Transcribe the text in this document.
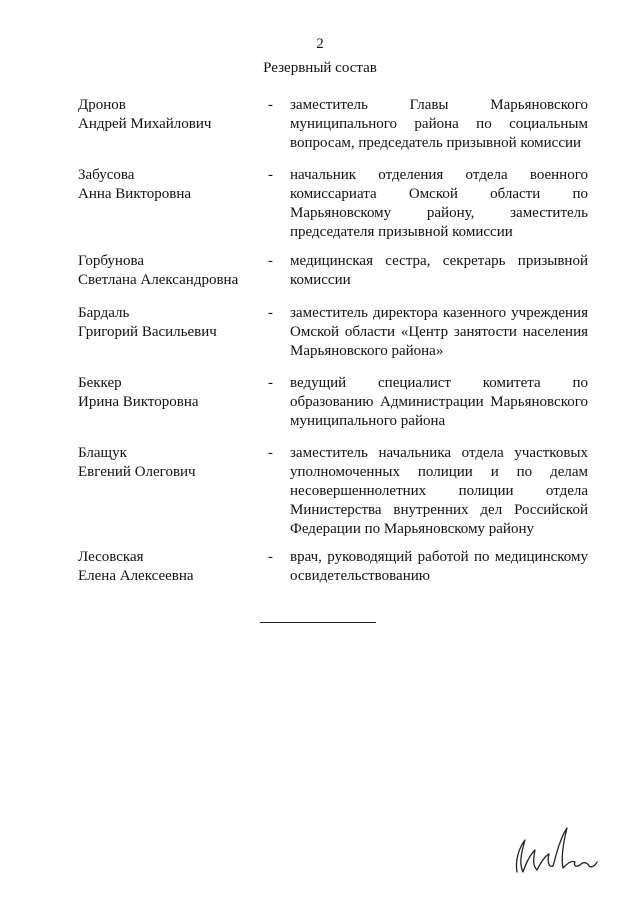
2
Резервный состав
Дронов
Андрей Михайлович
- заместитель Главы Марьяновского муниципального района по социальным вопросам, председатель призывной комиссии
Забусова
Анна Викторовна
- начальник отделения отдела военного комиссариата Омской области по Марьяновскому району, заместитель председателя призывной комиссии
Горбунова
Светлана Александровна
- медицинская сестра, секретарь призывной комиссии
Бардаль
Григорий Васильевич
- заместитель директора казенного учреждения Омской области «Центр занятости населения Марьяновского района»
Беккер
Ирина Викторовна
- ведущий специалист комитета по образованию Администрации Марьяновского муниципального района
Блащук
Евгений Олегович
- заместитель начальника отдела участковых уполномоченных полиции и по делам несовершеннолетних полиции отдела Министерства внутренних дел Российской Федерации по Марьяновскому району
Лесовская
Елена Алексеевна
- врач, руководящий работой по медицинскому освидетельствованию
